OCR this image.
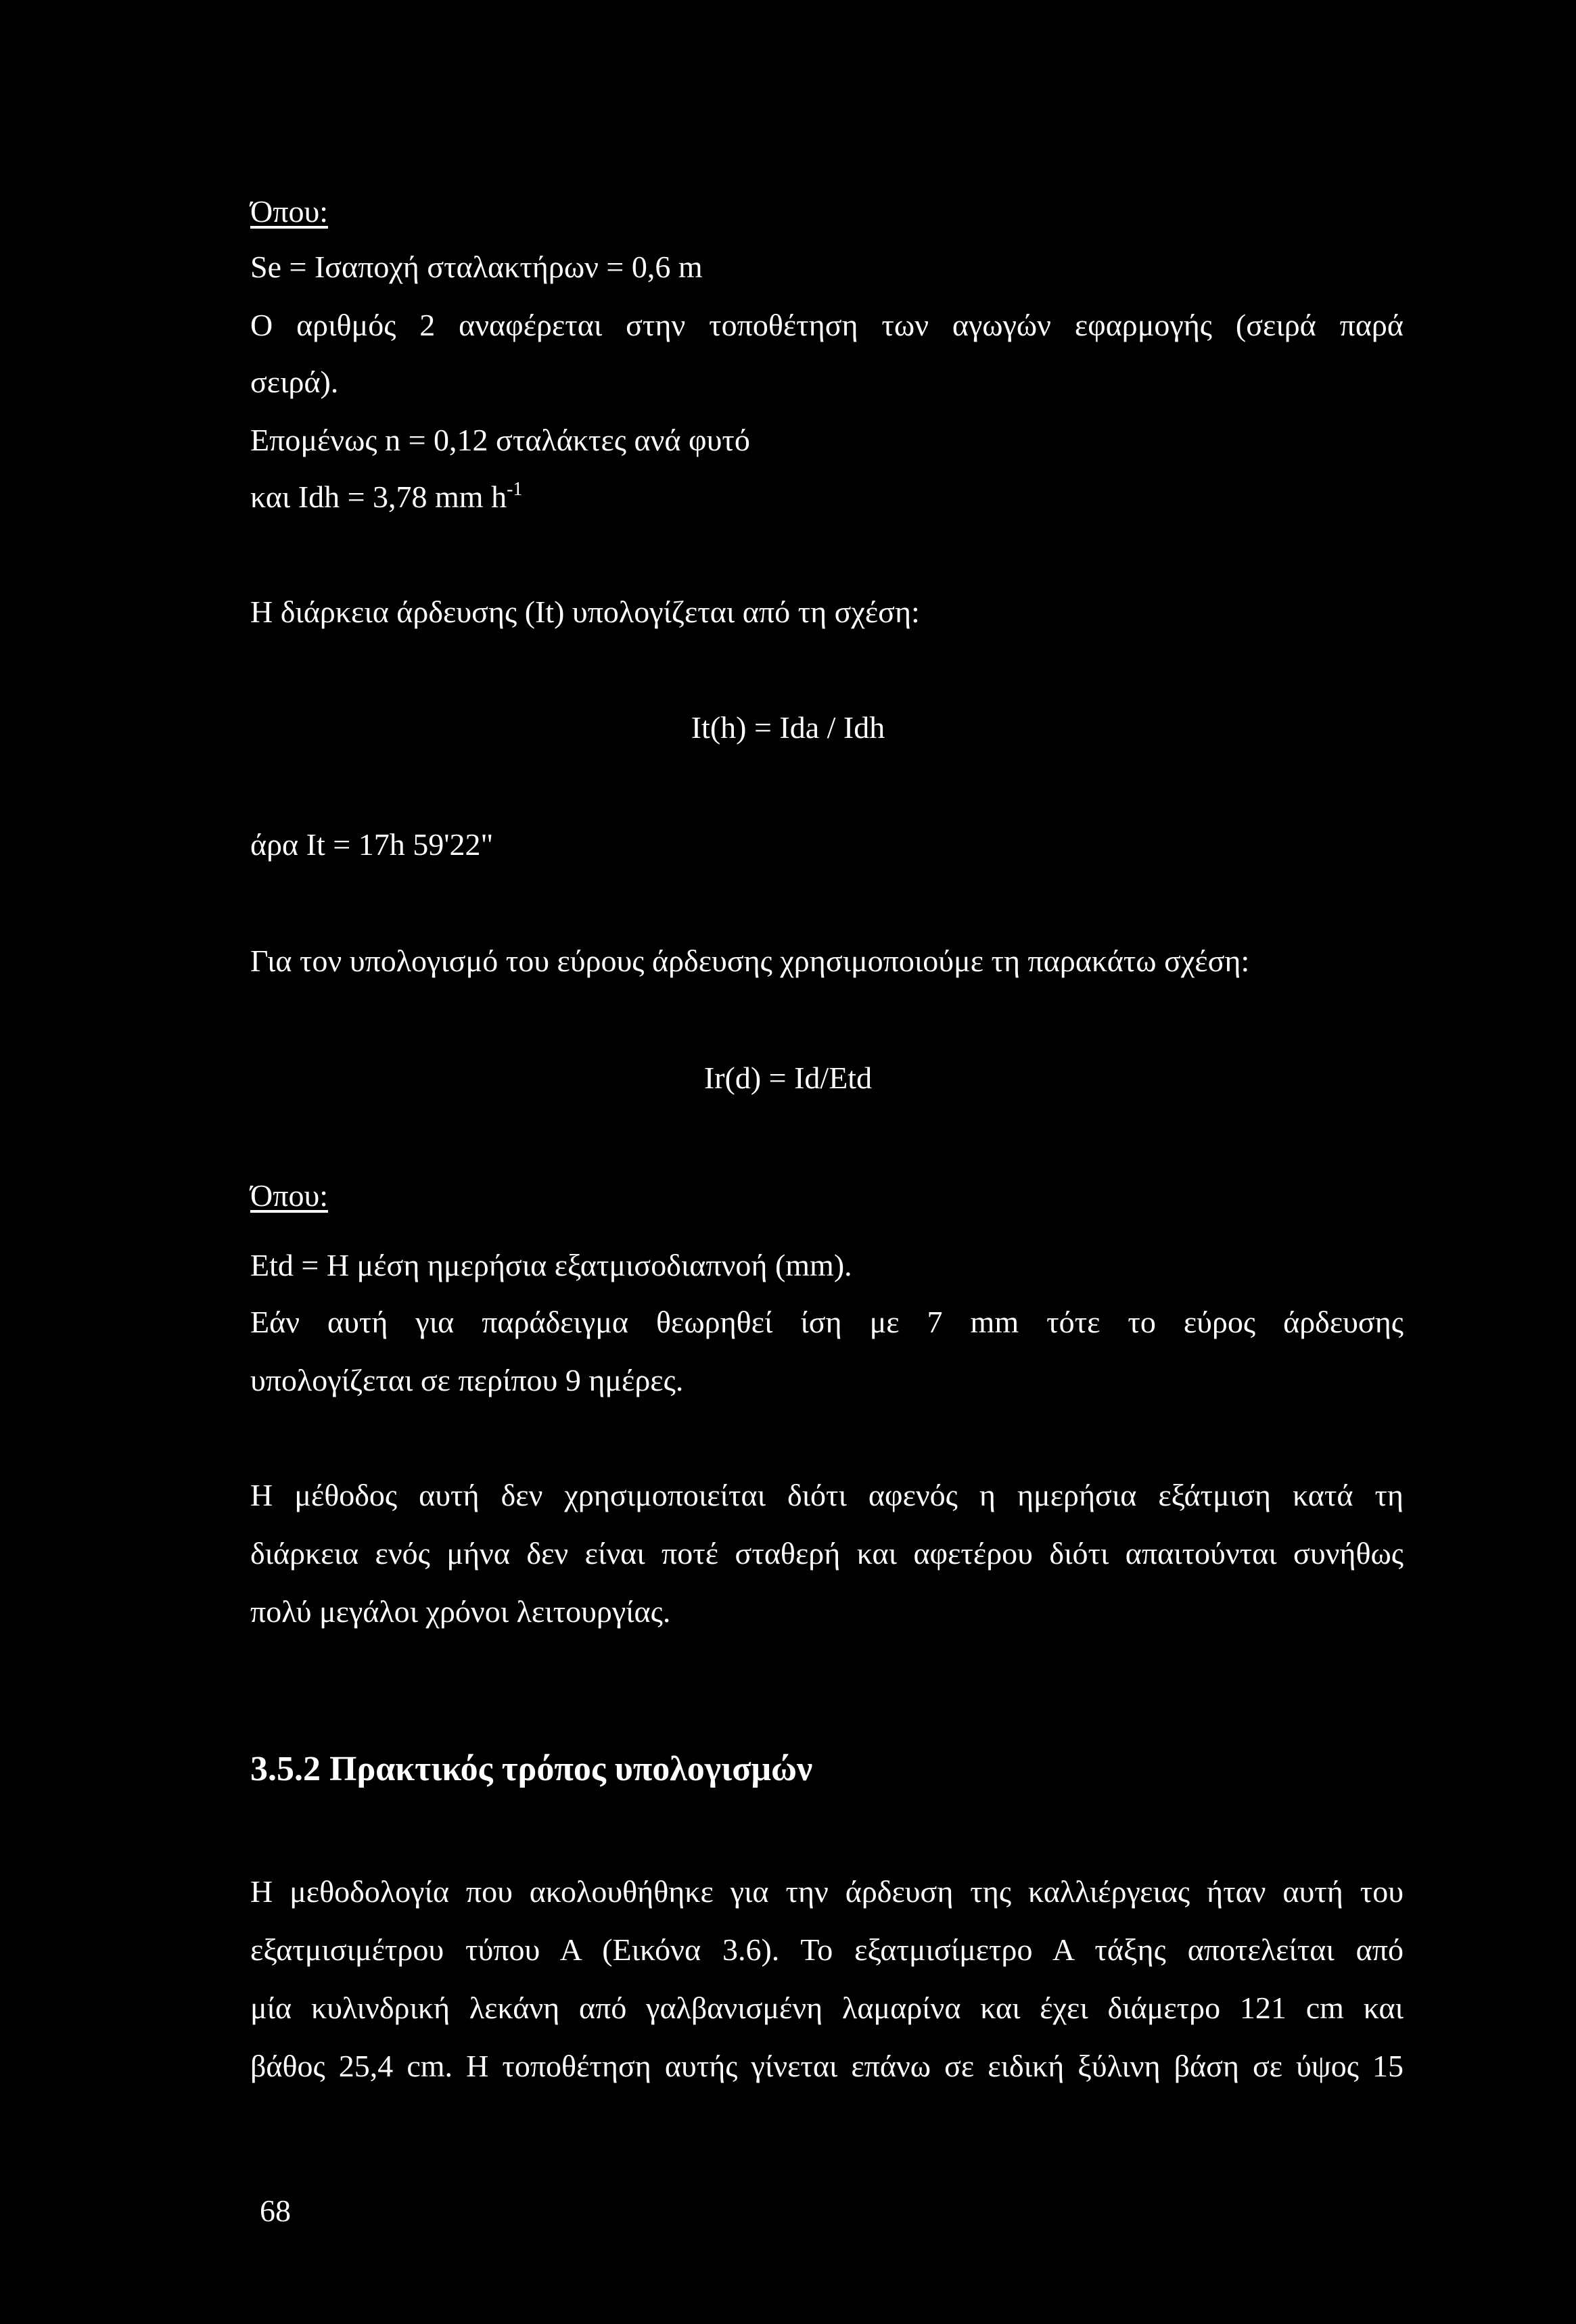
Όπου:
Se = Ισαποχή σταλακτήρων = 0,6 m
Ο αριθμός 2 αναφέρεται στην τοποθέτηση των αγωγών εφαρμογής (σειρά παρά
σειρά).
Επομένως n = 0,12 σταλάκτες ανά φυτό
και Idh = 3,78 mm $h^{-1}$
Η διάρκεια άρδευσης (It) υπολογίζεται από τη σχέση:
It(h) = Ida / Idh
άρα It = 17h 59'22"
Για τον υπολογισμό του εύρους άρδευσης χρησιμοποιούμε τη παρακάτω σχέση:
Ir(d) = Id/Etd
Όπου:
Etd = Η μέση ημερήσια εξατμισοδιαπνοή (mm).
Εάν αυτή για παράδειγμα θεωρηθεί ίση με 7 mm τότε το εύρος άρδευσης
υπολογίζεται σε περίπου 9 ημέρες.
Η μέθοδος αυτή δεν χρησιμοποιείται διότι αφενός η ημερήσια εξάτμιση κατά τη
διάρκεια ενός μήνα δεν είναι ποτέ σταθερή και αφετέρου διότι απαιτούνται συνήθως
πολύ μεγάλοι χρόνοι λειτουργίας.
3.5.2 Πρακτικός τρόπος υπολογισμών
Η μεθοδολογία που ακολουθήθηκε για την άρδευση της καλλιέργειας ήταν αυτή του
εξατμισιμέτρου τύπου Α (Εικόνα 3.6). Το εξατμισίμετρο Α τάξης αποτελείται από
μία κυλινδρική λεκάνη από γαλβανισμένη λαμαρίνα και έχει διάμετρο 121 cm και
βάθος 25,4 cm. Η τοποθέτηση αυτής γίνεται επάνω σε ειδική ξύλινη βάση σε ύψος 15
68
